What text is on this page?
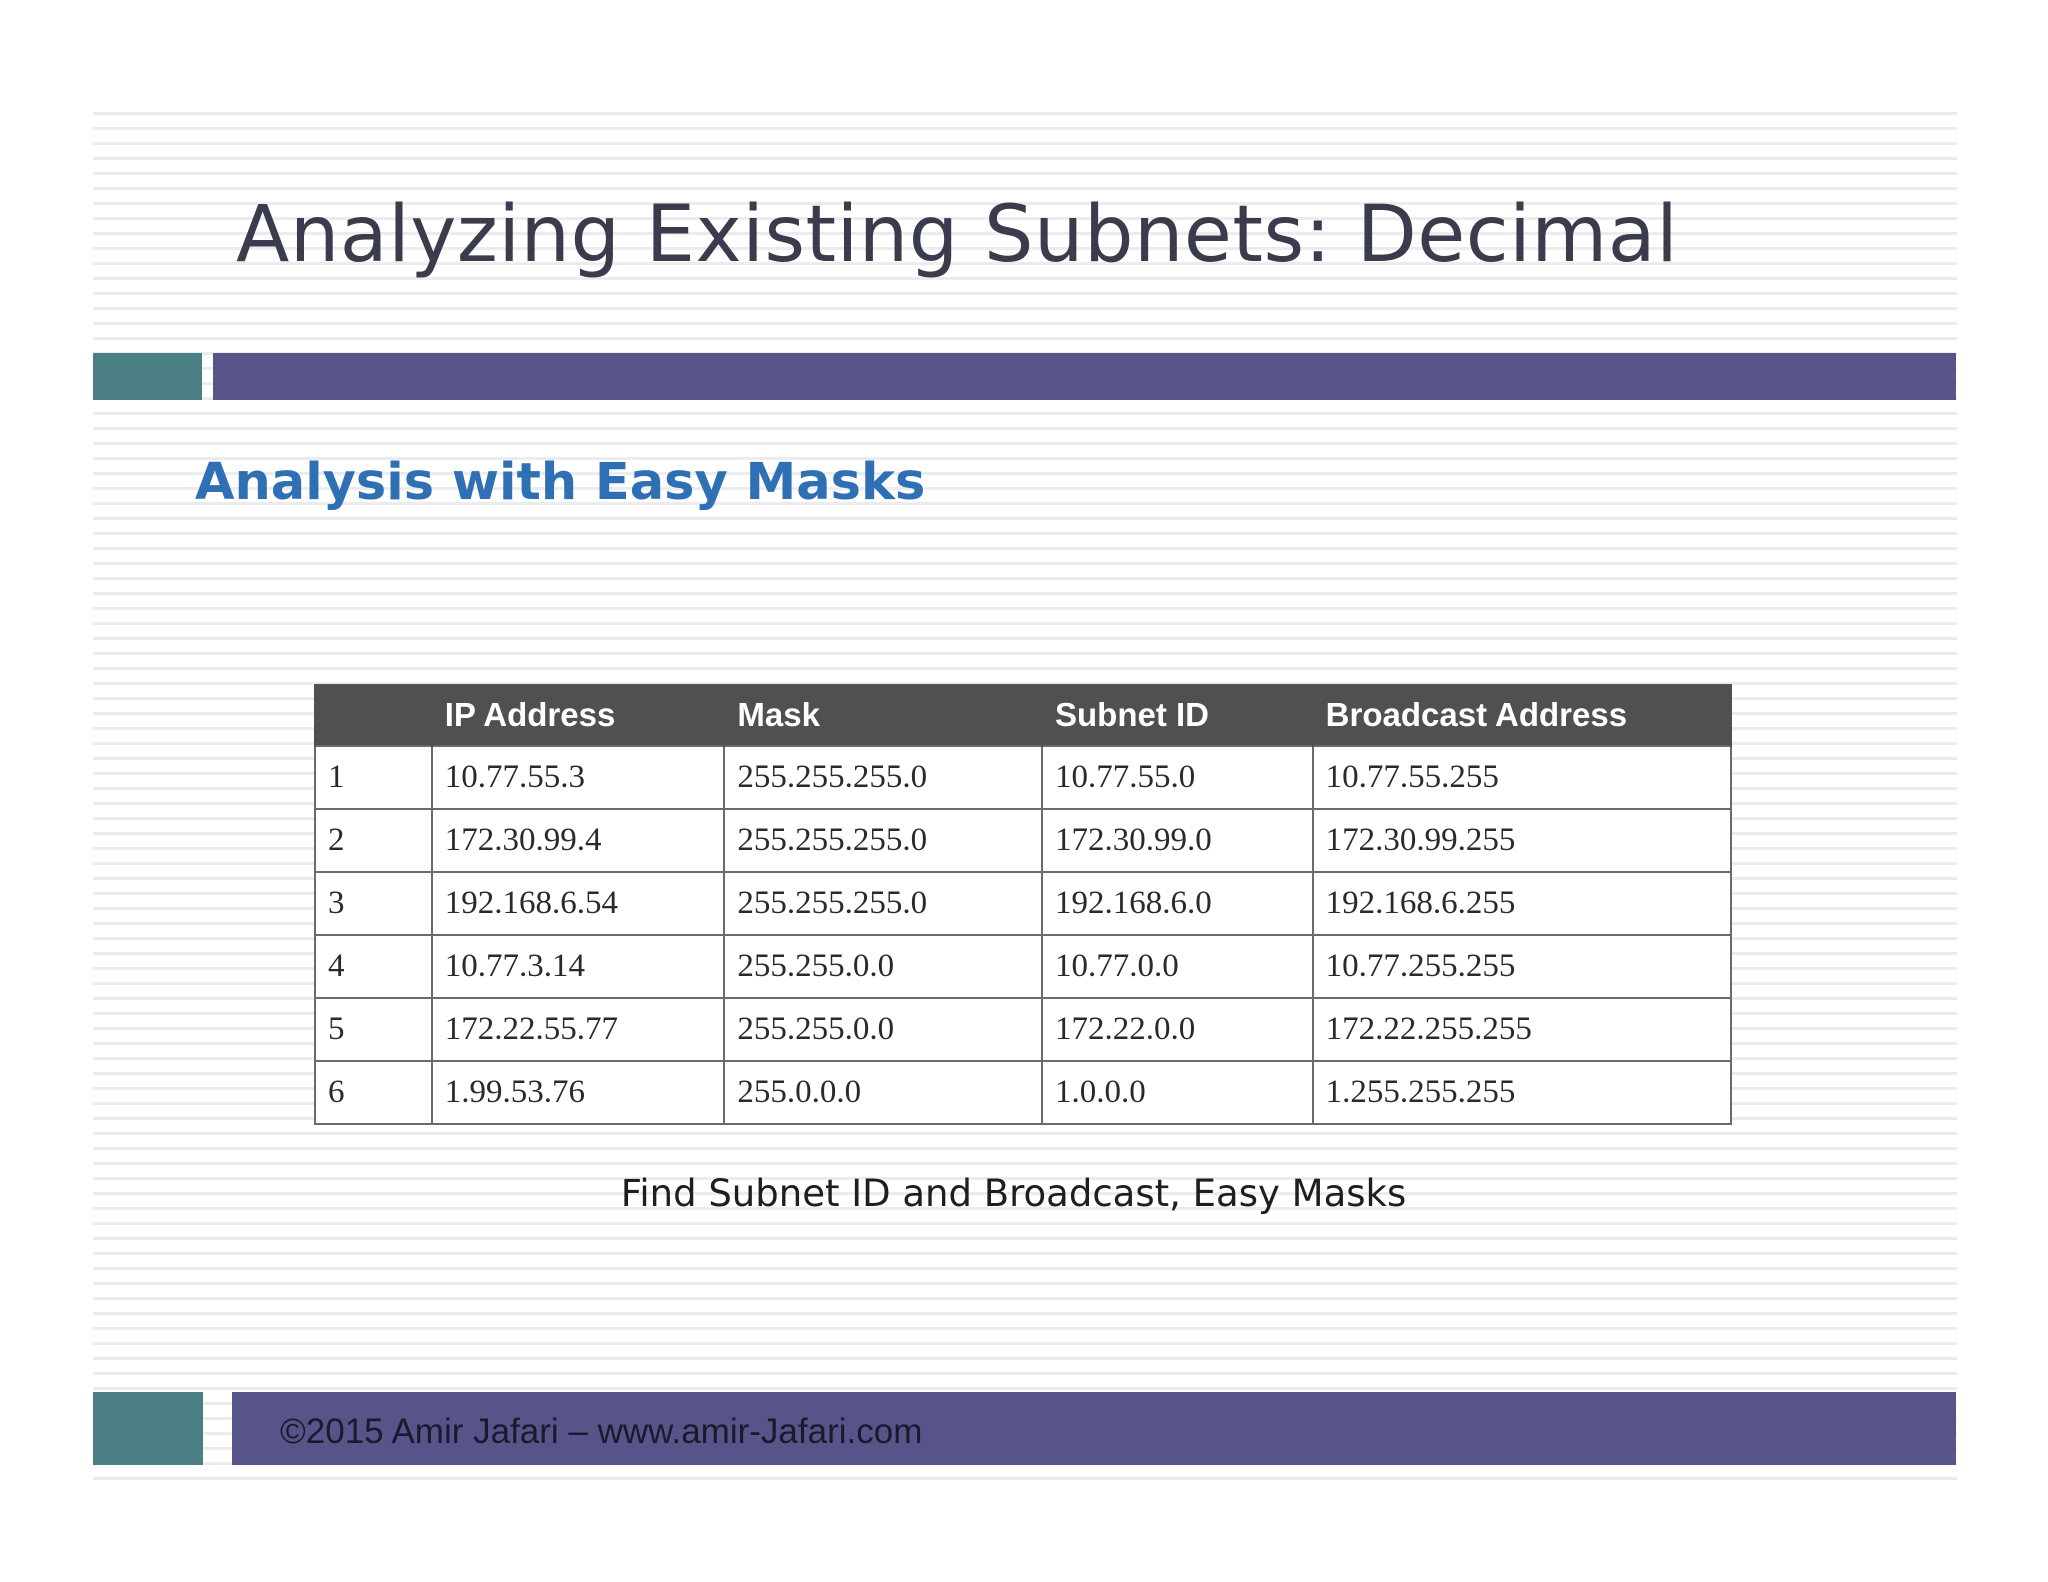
Analyzing Existing Subnets: Decimal
Analysis with Easy Masks
	IP Address	Mask	Subnet ID	Broadcast Address
1	10.77.55.3	255.255.255.0	10.77.55.0	10.77.55.255
2	172.30.99.4	255.255.255.0	172.30.99.0	172.30.99.255
3	192.168.6.54	255.255.255.0	192.168.6.0	192.168.6.255
4	10.77.3.14	255.255.0.0	10.77.0.0	10.77.255.255
5	172.22.55.77	255.255.0.0	172.22.0.0	172.22.255.255
6	1.99.53.76	255.0.0.0	1.0.0.0	1.255.255.255

Find Subnet ID and Broadcast, Easy Masks

©2015 Amir Jafari – www.amir-Jafari.com
